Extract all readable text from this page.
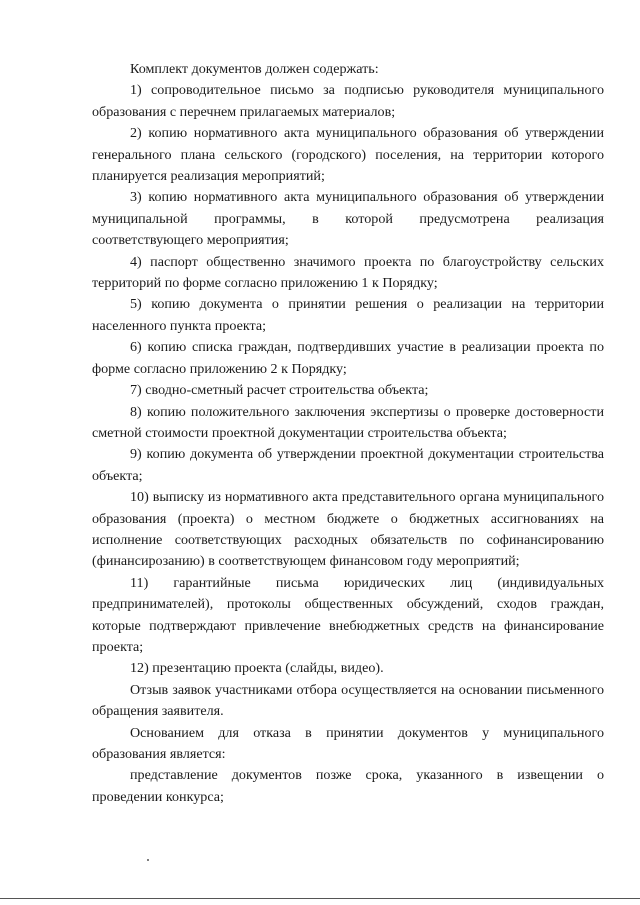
Комплект документов должен содержать:

1) сопроводительное письмо за подписью руководителя муниципального образования с перечнем прилагаемых материалов;

2) копию нормативного акта муниципального образования об утверждении генерального плана сельского (городского) поселения, на территории которого планируется реализация мероприятий;

3) копию нормативного акта муниципального образования об утверждении муниципальной программы, в которой предусмотрена реализация соответствующего мероприятия;

4) паспорт общественно значимого проекта по благоустройству сельских территорий по форме согласно приложению 1 к Порядку;

5) копию документа о принятии решения о реализации на территории населенного пункта проекта;

6) копию списка граждан, подтвердивших участие в реализации проекта по форме согласно приложению 2 к Порядку;

7) сводно-сметный расчет строительства объекта;

8) копию положительного заключения экспертизы о проверке достоверности сметной стоимости проектной документации строительства объекта;

9) копию документа об утверждении проектной документации строительства объекта;

10) выписку из нормативного акта представительного органа муниципального образования (проекта) о местном бюджете о бюджетных ассигнованиях на исполнение соответствующих расходных обязательств по софинансированию (финансирозанию) в соответствующем финансовом году мероприятий;

11) гарантийные письма юридических лиц (индивидуальных предпринимателей), протоколы общественных обсуждений, сходов граждан, которые подтверждают привлечение внебюджетных средств на финансирование проекта;

12) презентацию проекта (слайды, видео).

Отзыв заявок участниками отбора осуществляется на основании письменного обращения заявителя.

Основанием для отказа в принятии документов у муниципального образования является:

представление документов позже срока, указанного в извещении о проведении конкурса;
